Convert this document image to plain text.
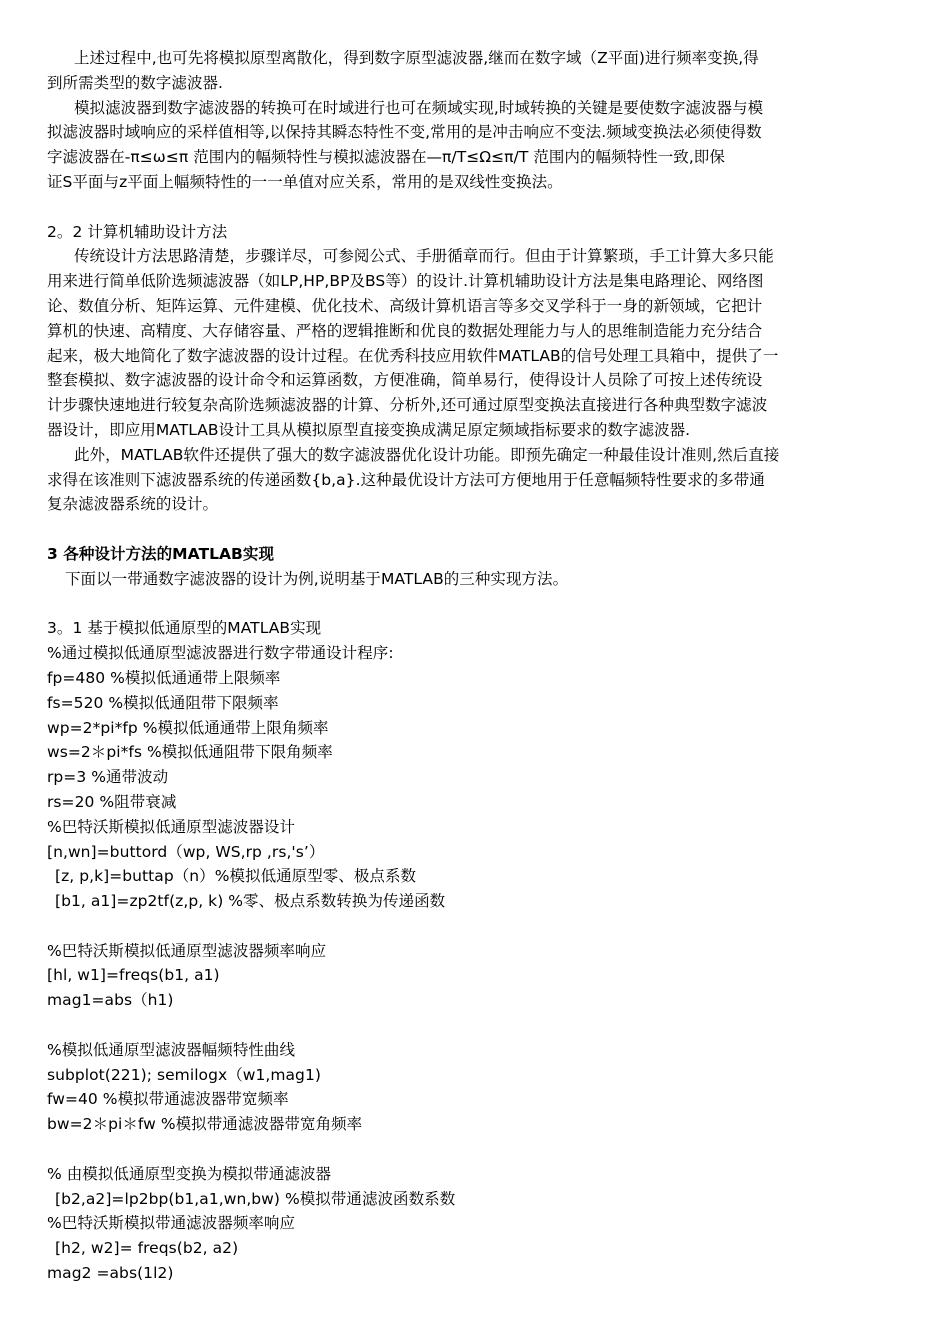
上述过程中,也可先将模拟原型离散化，得到数字原型滤波器,继而在数字域（Z平面)进行频率变换,得
到所需类型的数字滤波器.
模拟滤波器到数字滤波器的转换可在时域进行也可在频域实现,时域转换的关键是要使数字滤波器与模
拟滤波器时域响应的采样值相等,以保持其瞬态特性不变,常用的是冲击响应不变法.频域变换法必须使得数
字滤波器在-π≤ω≤π 范围内的幅频特性与模拟滤波器在—π/T≤Ω≤π/T 范围内的幅频特性一致,即保
证S平面与z平面上幅频特性的一一单值对应关系，常用的是双线性变换法。
2。2 计算机辅助设计方法
传统设计方法思路清楚，步骤详尽，可参阅公式、手册循章而行。但由于计算繁琐，手工计算大多只能
用来进行简单低阶选频滤波器（如LP,HP,BP及BS等）的设计.计算机辅助设计方法是集电路理论、网络图
论、数值分析、矩阵运算、元件建模、优化技术、高级计算机语言等多交叉学科于一身的新领域，它把计
算机的快速、高精度、大存储容量、严格的逻辑推断和优良的数据处理能力与人的思维制造能力充分结合
起来，极大地简化了数字滤波器的设计过程。在优秀科技应用软件MATLAB的信号处理工具箱中，提供了一
整套模拟、数字滤波器的设计命令和运算函数，方便准确，简单易行，使得设计人员除了可按上述传统设
计步骤快速地进行较复杂高阶选频滤波器的计算、分析外,还可通过原型变换法直接进行各种典型数字滤波
器设计，即应用MATLAB设计工具从模拟原型直接变换成满足原定频域指标要求的数字滤波器.
此外，MATLAB软件还提供了强大的数字滤波器优化设计功能。即预先确定一种最佳设计准则,然后直接
求得在该准则下滤波器系统的传递函数{b,a}.这种最优设计方法可方便地用于任意幅频特性要求的多带通
复杂滤波器系统的设计。
3 各种设计方法的MATLAB实现
下面以一带通数字滤波器的设计为例,说明基于MATLAB的三种实现方法。
3。1 基于模拟低通原型的MATLAB实现
%通过模拟低通原型滤波器进行数字带通设计程序:
fp=480 %模拟低通通带上限频率
fs=520 %模拟低通阻带下限频率
wp=2*pi*fp %模拟低通通带上限角频率
ws=2＊pi*fs %模拟低通阻带下限角频率
rp=3 %通带波动
rs=20 %阻带衰减
%巴特沃斯模拟低通原型滤波器设计
[n,wn]=buttord（wp, WS,rp ,rs,'s’）
[z, p,k]=buttap（n）%模拟低通原型零、极点系数
[b1, a1]=zp2tf(z,p, k) %零、极点系数转换为传递函数
%巴特沃斯模拟低通原型滤波器频率响应
[hl, w1]=freqs(b1, a1)
mag1=abs（h1)
%模拟低通原型滤波器幅频特性曲线
subplot(221); semilogx（w1,mag1)
fw=40 %模拟带通滤波器带宽频率
bw=2＊pi＊fw %模拟带通滤波器带宽角频率
% 由模拟低通原型变换为模拟带通滤波器
[b2,a2]=lp2bp(b1,a1,wn,bw) %模拟带通滤波函数系数
%巴特沃斯模拟带通滤波器频率响应
[h2, w2]= freqs(b2, a2)
mag2 =abs(1l2)
